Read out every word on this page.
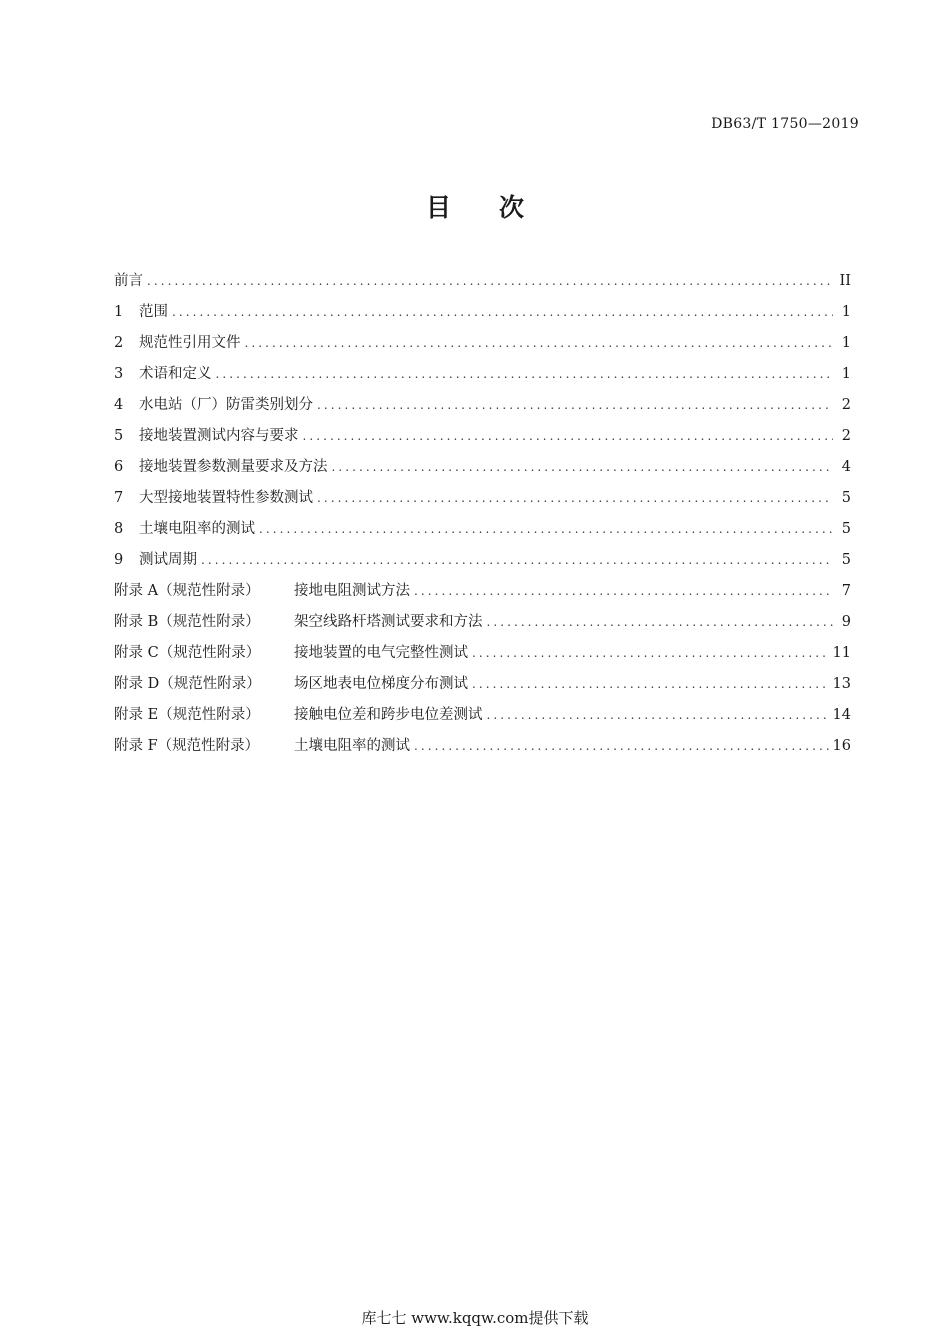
DB63/T 1750—2019
目 次
前言 .....	II
1	范围 .....	1
2	规范性引用文件 .....	1
3	术语和定义 .....	1
4	水电站（厂）防雷类别划分 .....	2
5	接地装置测试内容与要求 .....	2
6	接地装置参数测量要求及方法 .....	4
7	大型接地装置特性参数测试 .....	5
8	土壤电阻率的测试 .....	5
9	测试周期 .....	5
附录 A（规范性附录）	接地电阻测试方法 .....	7
附录 B（规范性附录）	架空线路杆塔测试要求和方法 .....	9
附录 C（规范性附录）	接地装置的电气完整性测试 .....	11
附录 D（规范性附录）	场区地表电位梯度分布测试 .....	13
附录 E（规范性附录）	接触电位差和跨步电位差测试 .....	14
附录 F（规范性附录）	土壤电阻率的测试 .....	16
库七七 www.kqqw.com提供下载
